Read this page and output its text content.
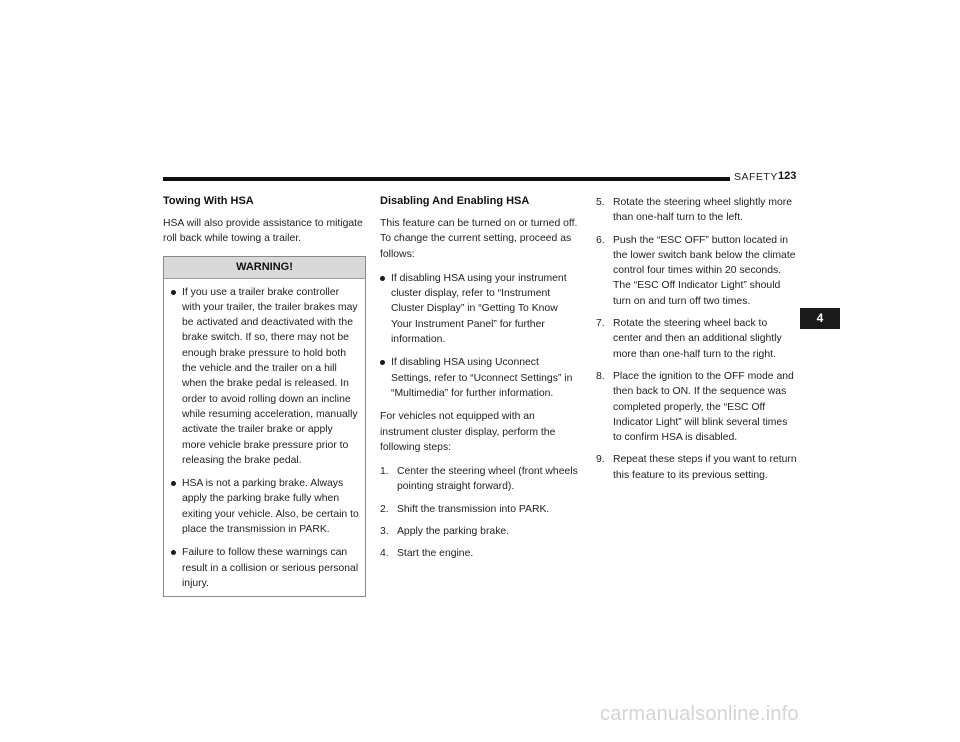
SAFETY 123
Towing With HSA

HSA will also provide assistance to mitigate roll back while towing a trailer.

WARNING!
If you use a trailer brake controller with your trailer, the trailer brakes may be activated and deactivated with the brake switch. If so, there may not be enough brake pressure to hold both the vehicle and the trailer on a hill when the brake pedal is released. In order to avoid rolling down an incline while resuming acceleration, manually activate the trailer brake or apply more vehicle brake pressure prior to releasing the brake pedal.
HSA is not a parking brake. Always apply the parking brake fully when exiting your vehicle. Also, be certain to place the transmission in PARK.
Failure to follow these warnings can result in a collision or serious personal injury.
Disabling And Enabling HSA

This feature can be turned on or turned off. To change the current setting, proceed as follows:

If disabling HSA using your instrument cluster display, refer to “Instrument Cluster Display” in “Getting To Know Your Instrument Panel” for further information.
If disabling HSA using Uconnect Settings, refer to “Uconnect Settings” in “Multimedia” for further information.

For vehicles not equipped with an instrument cluster display, perform the following steps:

1. Center the steering wheel (front wheels pointing straight forward).
2. Shift the transmission into PARK.
3. Apply the parking brake.
4. Start the engine.
5. Rotate the steering wheel slightly more than one-half turn to the left.
6. Push the “ESC OFF” button located in the lower switch bank below the climate control four times within 20 seconds. The “ESC Off Indicator Light” should turn on and turn off two times.
7. Rotate the steering wheel back to center and then an additional slightly more than one-half turn to the right.
8. Place the ignition to the OFF mode and then back to ON. If the sequence was completed properly, the “ESC Off Indicator Light” will blink several times to confirm HSA is disabled.
9. Repeat these steps if you want to return this feature to its previous setting.
4
carmanualsonline.info
